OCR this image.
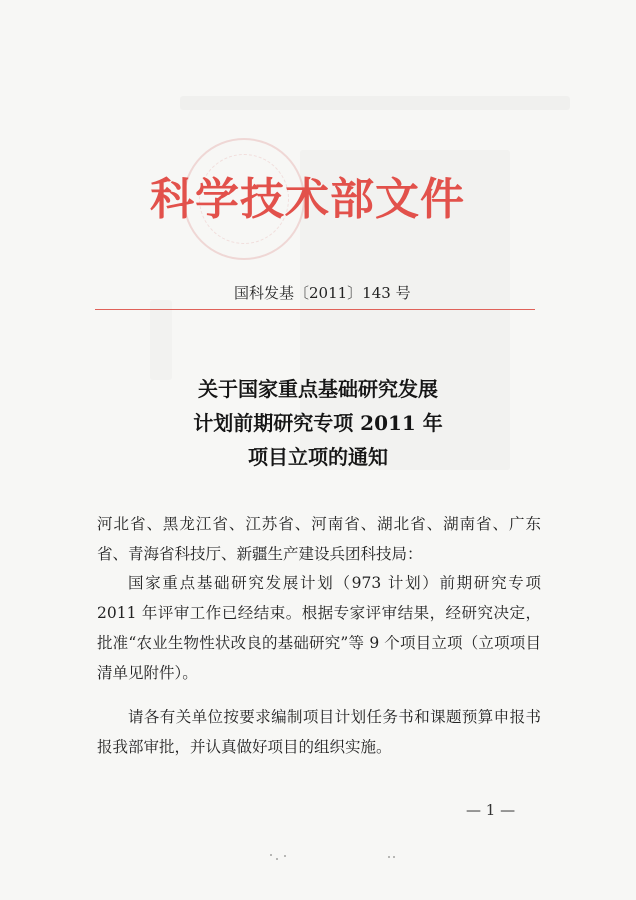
科学技术部文件
国科发基〔2011〕143 号
关于国家重点基础研究发展
计划前期研究专项 2011 年
项目立项的通知

河北省、黑龙江省、江苏省、河南省、湖北省、湖南省、广东省、青海省科技厅、新疆生产建设兵团科技局：

国家重点基础研究发展计划（973 计划）前期研究专项 2011 年评审工作已经结束。根据专家评审结果，经研究决定，批准“农业生物性状改良的基础研究”等 9 个项目立项（立项项目清单见附件）。

请各有关单位按要求编制项目计划任务书和课题预算申报书报我部审批，并认真做好项目的组织实施。

— 1 —
